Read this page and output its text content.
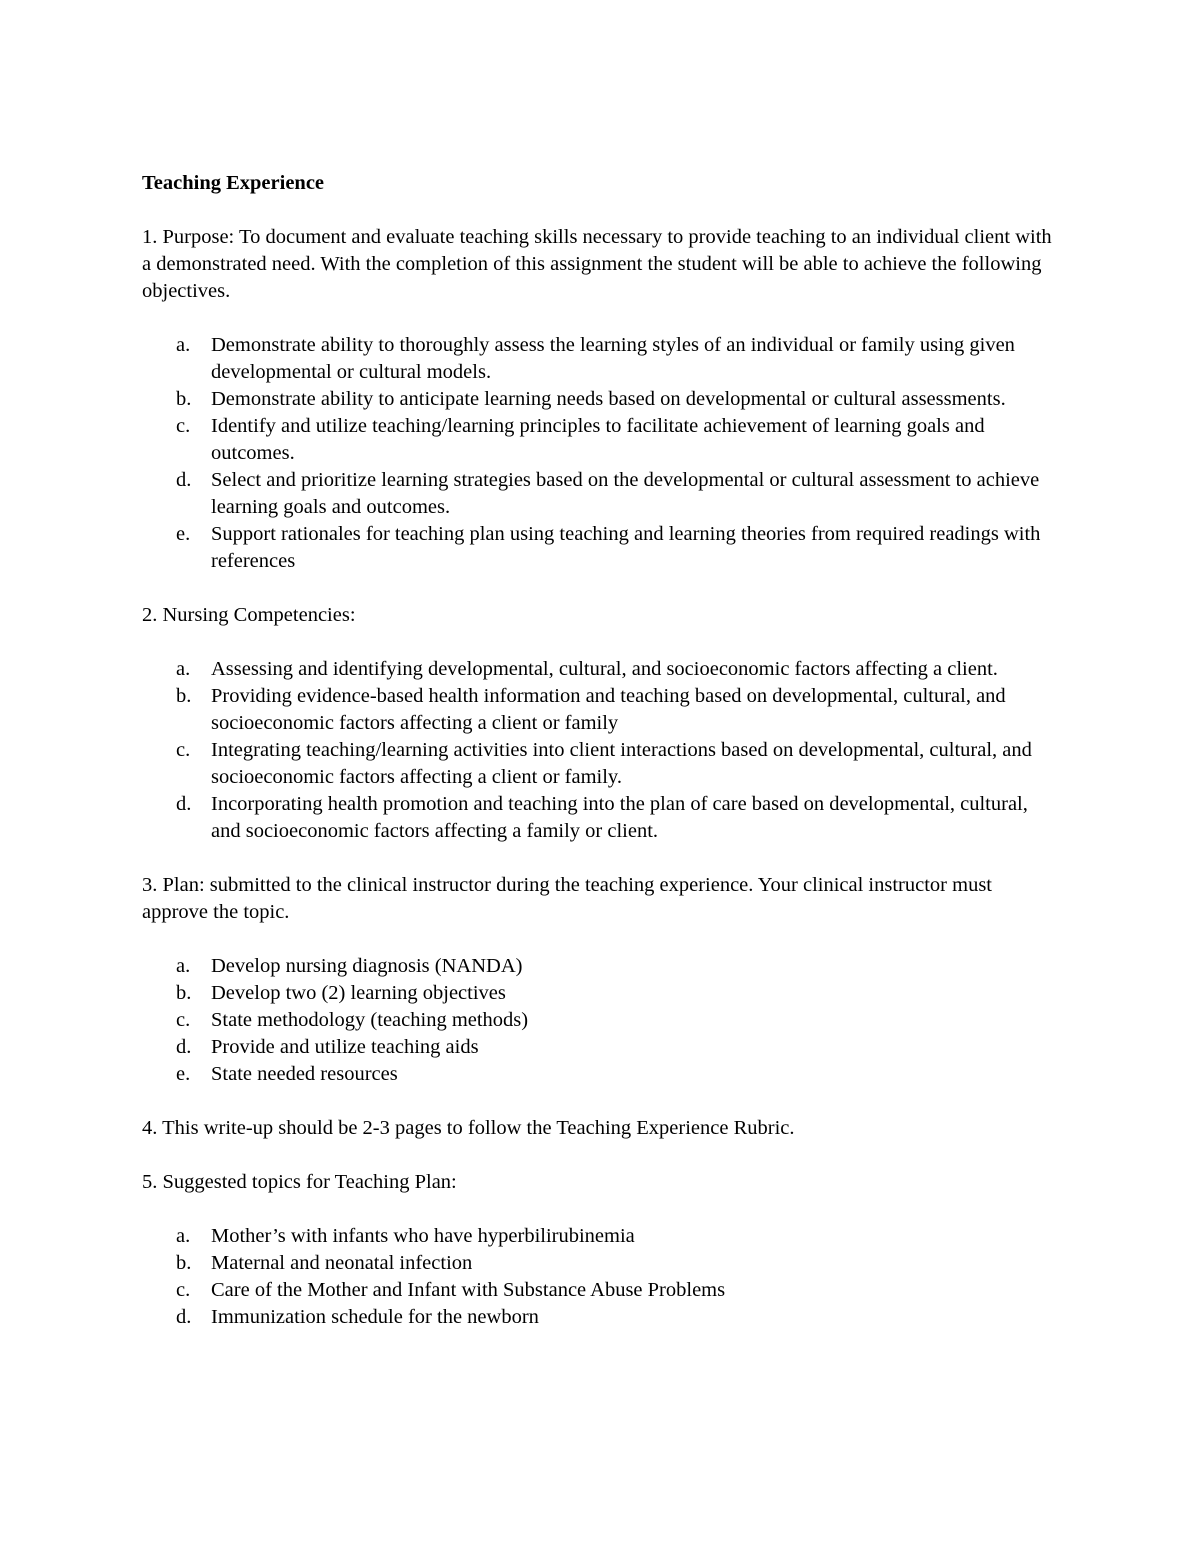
Teaching Experience
1. Purpose: To document and evaluate teaching skills necessary to provide teaching to an individual client with a demonstrated need. With the completion of this assignment the student will be able to achieve the following objectives.
a. Demonstrate ability to thoroughly assess the learning styles of an individual or family using given developmental or cultural models.
b. Demonstrate ability to anticipate learning needs based on developmental or cultural assessments.
c. Identify and utilize teaching/learning principles to facilitate achievement of learning goals and outcomes.
d. Select and prioritize learning strategies based on the developmental or cultural assessment to achieve learning goals and outcomes.
e. Support rationales for teaching plan using teaching and learning theories from required readings with references
2. Nursing Competencies:
a. Assessing and identifying developmental, cultural, and socioeconomic factors affecting a client.
b. Providing evidence-based health information and teaching based on developmental, cultural, and socioeconomic factors affecting a client or family
c. Integrating teaching/learning activities into client interactions based on developmental, cultural, and socioeconomic factors affecting a client or family.
d. Incorporating health promotion and teaching into the plan of care based on developmental, cultural, and socioeconomic factors affecting a family or client.
3. Plan: submitted to the clinical instructor during the teaching experience. Your clinical instructor must approve the topic.
a. Develop nursing diagnosis (NANDA)
b. Develop two (2) learning objectives
c. State methodology (teaching methods)
d. Provide and utilize teaching aids
e. State needed resources
4. This write-up should be 2-3 pages to follow the Teaching Experience Rubric.
5. Suggested topics for Teaching Plan:
a. Mother’s with infants who have hyperbilirubinemia
b. Maternal and neonatal infection
c. Care of the Mother and Infant with Substance Abuse Problems
d. Immunization schedule for the newborn
